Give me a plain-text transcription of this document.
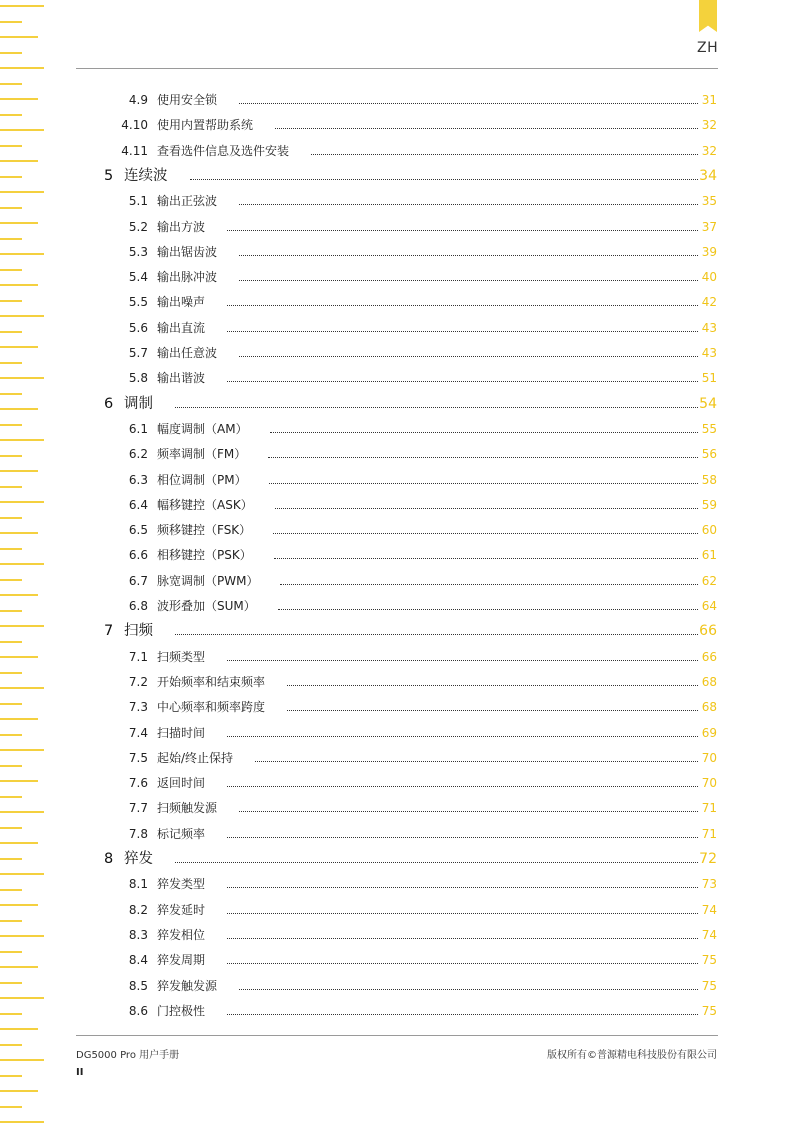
ZH
4.9 使用安全锁	31
4.10 使用内置帮助系统	32
4.11 查看选件信息及选件安装	32
5 连续波	34
5.1 输出正弦波	35
5.2 输出方波	37
5.3 输出锯齿波	39
5.4 输出脉冲波	40
5.5 输出噪声	42
5.6 输出直流	43
5.7 输出任意波	43
5.8 输出谐波	51
6 调制	54
6.1 幅度调制（AM）	55
6.2 频率调制（FM）	56
6.3 相位调制（PM）	58
6.4 幅移键控（ASK）	59
6.5 频移键控（FSK）	60
6.6 相移键控（PSK）	61
6.7 脉宽调制（PWM）	62
6.8 波形叠加（SUM）	64
7 扫频	66
7.1 扫频类型	66
7.2 开始频率和结束频率	68
7.3 中心频率和频率跨度	68
7.4 扫描时间	69
7.5 起始/终止保持	70
7.6 返回时间	70
7.7 扫频触发源	71
7.8 标记频率	71
8 猝发	72
8.1 猝发类型	73
8.2 猝发延时	74
8.3 猝发相位	74
8.4 猝发周期	75
8.5 猝发触发源	75
8.6 门控极性	75
DG5000 Pro 用户手册	版权所有©普源精电科技股份有限公司
II
